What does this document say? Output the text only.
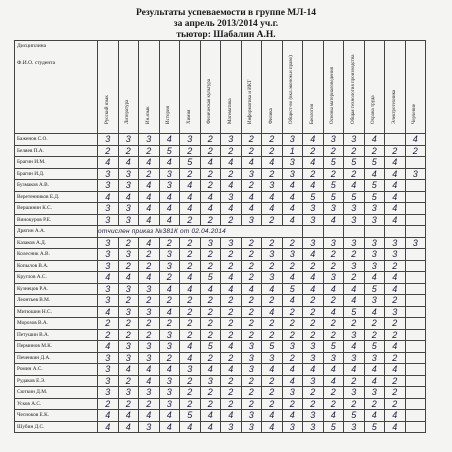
Результаты успеваемости в группе МЛ-14
за апрель 2013/2014 уч.г.
тьютор: Шабалин А.Н.
Дисциплина
Ф.И.О. студента	Русский язык	Литература	Ин.язык	История	Химия	Физическая культура	Математика	Информатика и ИКТ	Физика	Общест-во (вкл.эконом.и право)	Биология	Основы материаловедения	Общая технология производства	Охрана труда	Электротехника	Черчение

Баженов С.О.	3	3	3	4	3	2	3	2	2	3	4	3	3	4		4
Беляев П.А.	2	2	2	5	2	2	2	2	2	1	2	2	2	2	2	2
Брагин И.М.	4	4	4	4	5	4	4	4	4	3	4	5	5	5	4	
Брагин И.Д.	3	3	2	3	2	2	2	3	2	3	2	2	2	4	4	3
Бузмаков А.В.	3	3	4	3	4	2	4	2	3	4	4	5	4	5	4	
Веретенников Е.Д.	4	4	4	4	4	4	3	4	4	4	5	5	5	5	4	
Вершинин К.С.	3	3	4	4	4	4	4	4	4	4	3	3	3	3	4	
Винокуров Р.Е.	3	3	4	4	2	2	2	3	2	4	3	4	3	3	4	
Дрягин А.А.	отчислен приказ №381К от 02.04.2014															
Казаков А.Д.	3	2	4	2	2	3	3	2	2	2	3	3	3	3	3	3
Колесник А.В.	3	3	2	3	2	2	2	2	3	3	4	2	2	3	3	
Копылов В.А.	3	2	2	3	2	2	2	2	2	2	2	2	3	3	2	
Круглов А.С.	4	4	4	2	4	5	4	2	3	4	4	3	2	4	4	
Кузнецов Р.А.	3	3	3	4	4	4	4	4	4	5	4	4	4	5	4	
Леонтьев В.М.	3	2	2	2	2	2	2	2	2	4	2	2	4	3	2	
Митюшин Н.С.	4	3	3	4	2	2	2	2	4	2	2	4	5	4	3	
Морозов В.А.	2	2	2	2	2	2	2	2	2	2	2	2	2	2	2	
Петушин В.А.	2	2	2	3	2	2	2	2	2	2	2	2	3	2	2	
Перминов М.К.	4	3	3	3	4	5	4	3	5	3	3	5	4	5	4	
Печенкин Д.А.	3	3	3	2	4	2	2	3	3	2	3	3	3	3	2	
Ромин А.С.	3	4	4	4	3	4	4	3	4	4	4	4	4	4	4	
Рудаков Е.Э.	3	2	4	3	2	3	2	2	2	4	3	4	2	4	2	
Сюткин Д.М.	3	3	3	3	2	2	2	2	2	3	2	2	3	3	2	
Усков А.С.	2	2	2	3	2	2	2	2	2	2	2	2	2	2	2	
Чесноков Е.К.	4	4	4	4	5	4	4	3	4	4	3	4	5	4	4	
Шубин Д.С.	4	4	3	4	4	4	3	3	4	3	3	5	3	5	4	
